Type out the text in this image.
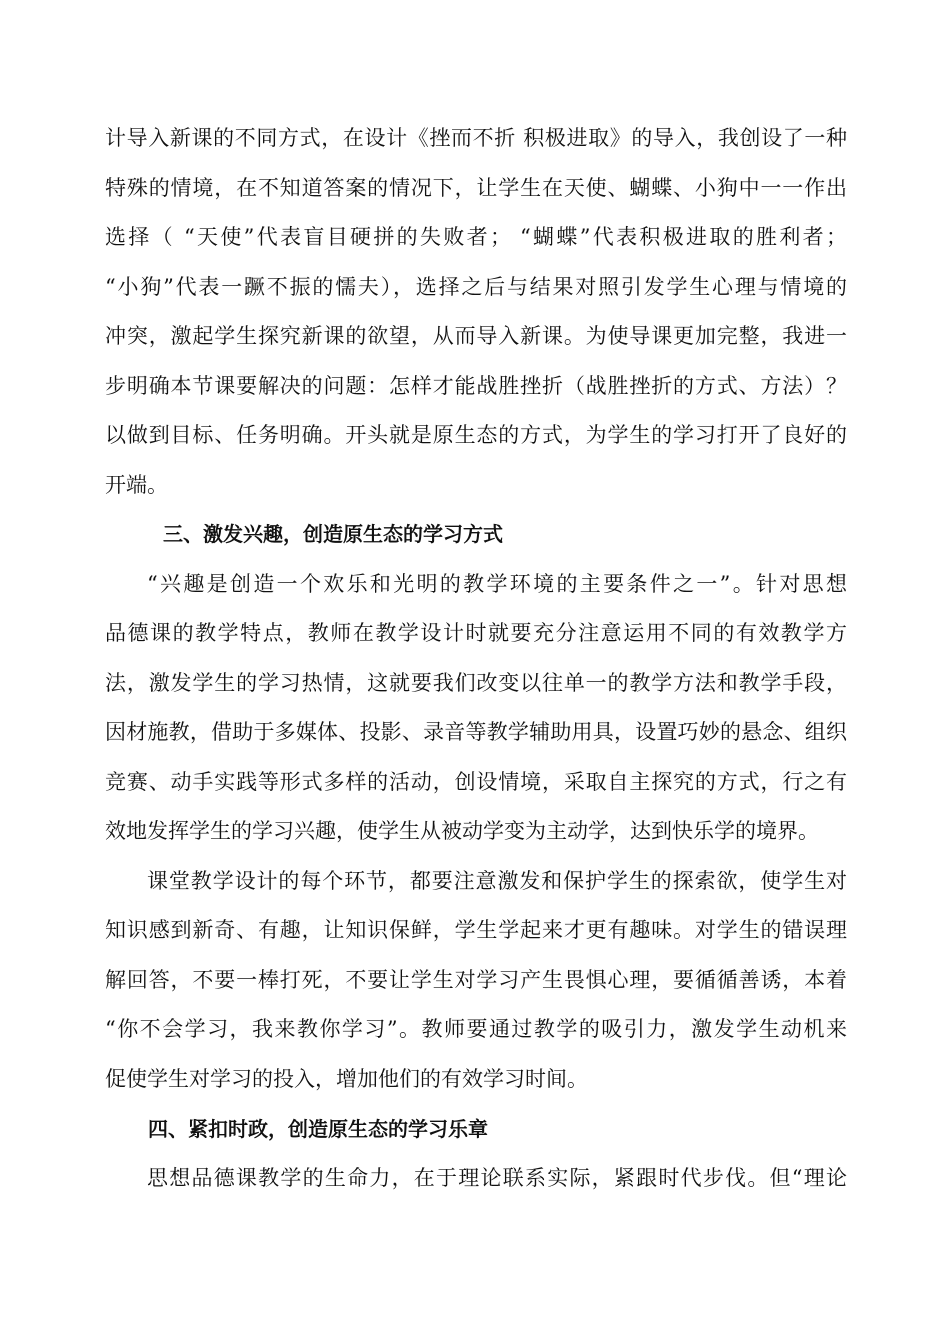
计导入新课的不同方式，在设计《挫而不折 积极进取》的导入，我创设了一种
特殊的情境，在不知道答案的情况下，让学生在天使、蝴蝶、小狗中一一作出
选择（ “天使”代表盲目硬拼的失败者； “蝴蝶”代表积极进取的胜利者；
“小狗”代表一蹶不振的懦夫），选择之后与结果对照引发学生心理与情境的
冲突，激起学生探究新课的欲望，从而导入新课。为使导课更加完整，我进一
步明确本节课要解决的问题：怎样才能战胜挫折（战胜挫折的方式、方法）？
以做到目标、任务明确。开头就是原生态的方式，为学生的学习打开了良好的
开端。
三、激发兴趣，创造原生态的学习方式
“兴趣是创造一个欢乐和光明的教学环境的主要条件之一”。针对思想
品德课的教学特点，教师在教学设计时就要充分注意运用不同的有效教学方
法，激发学生的学习热情，这就要我们改变以往单一的教学方法和教学手段，
因材施教，借助于多媒体、投影、录音等教学辅助用具，设置巧妙的悬念、组织
竞赛、动手实践等形式多样的活动，创设情境，采取自主探究的方式，行之有
效地发挥学生的学习兴趣，使学生从被动学变为主动学，达到快乐学的境界。
课堂教学设计的每个环节，都要注意激发和保护学生的探索欲，使学生对
知识感到新奇、有趣，让知识保鲜，学生学起来才更有趣味。对学生的错误理
解回答，不要一棒打死，不要让学生对学习产生畏惧心理，要循循善诱，本着
“你不会学习，我来教你学习”。教师要通过教学的吸引力，激发学生动机来
促使学生对学习的投入，增加他们的有效学习时间。
四、紧扣时政，创造原生态的学习乐章
思想品德课教学的生命力，在于理论联系实际，紧跟时代步伐。但“理论
